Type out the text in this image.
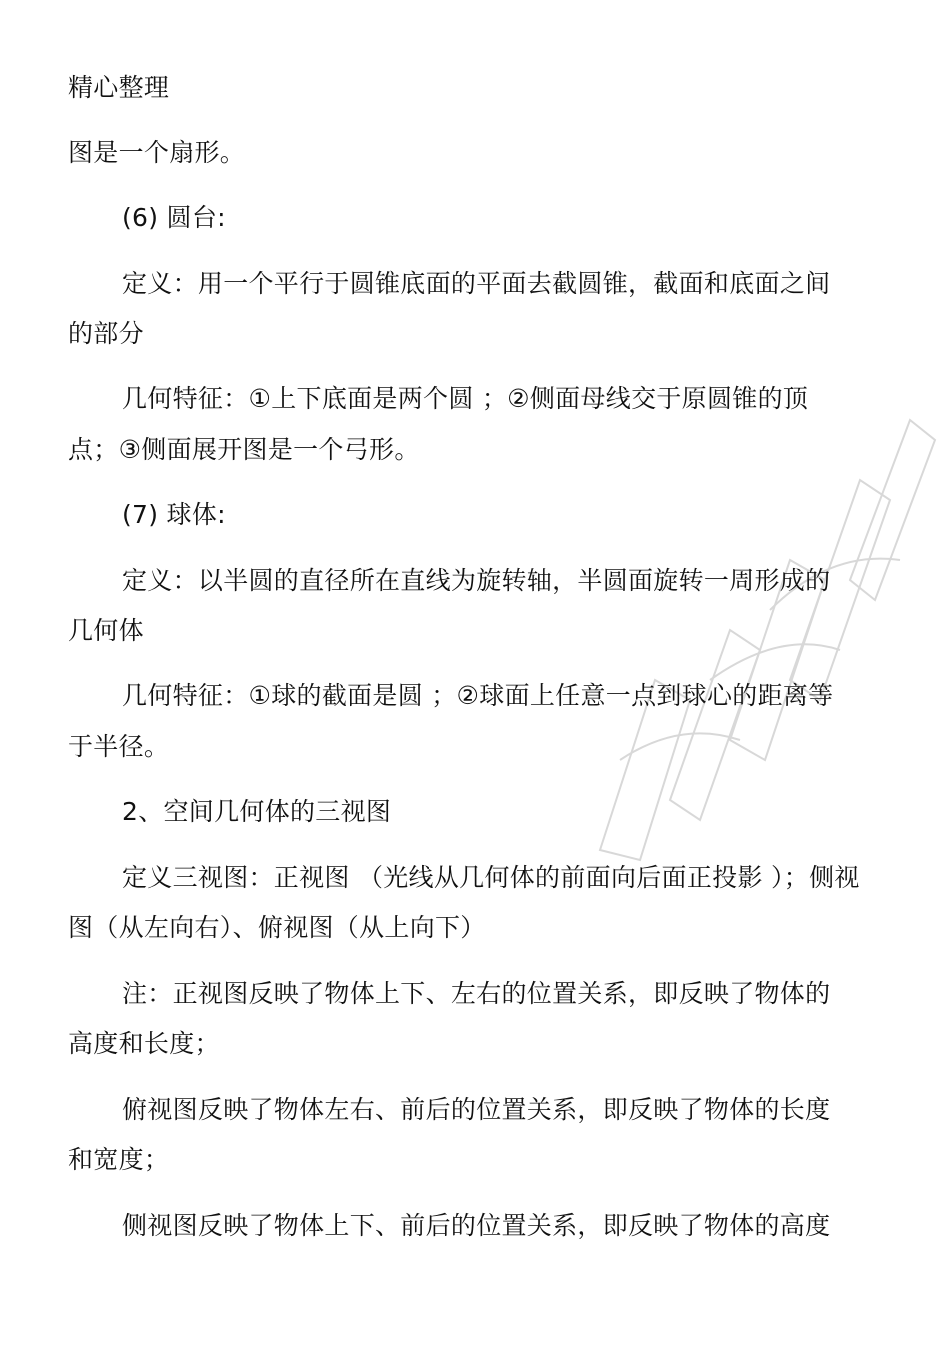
精心整理
图是一个扇形。
(6) 圆台:
定义：用一个平行于圆锥底面的平面去截圆锥，截面和底面之间
的部分
几何特征：①上下底面是两个圆 ；②侧面母线交于原圆锥的顶
点；③侧面展开图是一个弓形。
(7) 球体:
定义：以半圆的直径所在直线为旋转轴，半圆面旋转一周形成的
几何体
几何特征：①球的截面是圆 ；②球面上任意一点到球心的距离等
于半径。
2、空间几何体的三视图
定义三视图：正视图 （光线从几何体的前面向后面正投影 ）；侧视
图（从左向右）、俯视图（从上向下）
注：正视图反映了物体上下、左右的位置关系，即反映了物体的
高度和长度；
俯视图反映了物体左右、前后的位置关系，即反映了物体的长度
和宽度；
侧视图反映了物体上下、前后的位置关系，即反映了物体的高度
